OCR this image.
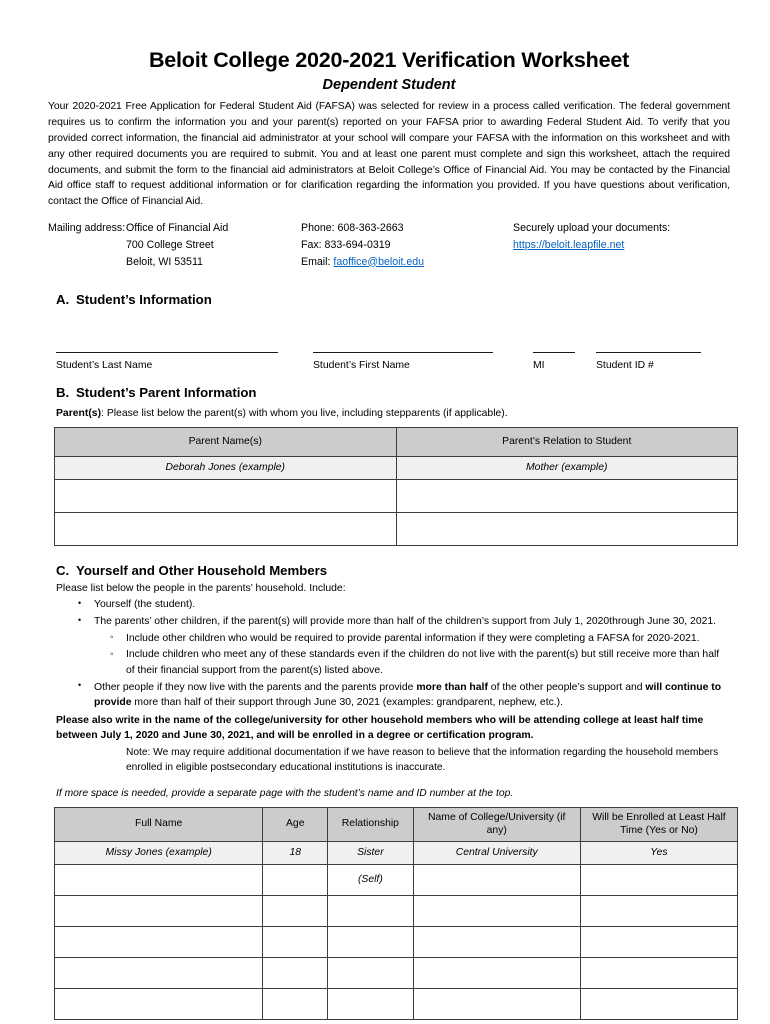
Beloit College 2020-2021 Verification Worksheet
Dependent Student

Your 2020-2021 Free Application for Federal Student Aid (FAFSA) was selected for review in a process called verification. The federal government requires us to confirm the information you and your parent(s) reported on your FAFSA prior to awarding Federal Student Aid. To verify that you provided correct information, the financial aid administrator at your school will compare your FAFSA with the information on this worksheet and with any other required documents you are required to submit. You and at least one parent must complete and sign this worksheet, attach the required documents, and submit the form to the financial aid administrators at Beloit College’s Office of Financial Aid. You may be contacted by the Financial Aid office staff to request additional information or for clarification regarding the information you provided. If you have questions about verification, contact the Office of Financial Aid.

Mailing address: Office of Financial Aid	Phone: 608-363-2663	Securely upload your documents:
700 College Street	Fax: 833-694-0319	https://beloit.leapfile.net
Beloit, WI 53511	Email: faoffice@beloit.edu
A. Student’s Information
Student’s Last Name	Student’s First Name	MI	Student ID #
B. Student’s Parent Information

Parent(s): Please list below the parent(s) with whom you live, including stepparents (if applicable).

Parent Name(s)	Parent’s Relation to Student
Deborah Jones (example)	Mother (example)

C. Yourself and Other Household Members

Please list below the people in the parents’ household. Include:

• Yourself (the student).
• The parents’ other children, if the parent(s) will provide more than half of the children’s support from July 1, 2020through June 30, 2021.
◦ Include other children who would be required to provide parental information if they were completing a FAFSA for 2020-2021.
◦ Include children who meet any of these standards even if the children do not live with the parent(s) but still receive more than half of their financial support from the parent(s) listed above.
• Other people if they now live with the parents and the parents provide more than half of the other people’s support and will continue to provide more than half of their support through June 30, 2021 (examples: grandparent, nephew, etc.).

Please also write in the name of the college/university for other household members who will be attending college at least half time between July 1, 2020 and June 30, 2021, and will be enrolled in a degree or certification program.

Note: We may require additional documentation if we have reason to believe that the information regarding the household members enrolled in eligible postsecondary educational institutions is inaccurate.

If more space is needed, provide a separate page with the student’s name and ID number at the top.

Full Name	Age	Relationship	Name of College/University (if any)	Will be Enrolled at Least Half Time (Yes or No)
Missy Jones (example)	18	Sister	Central University	Yes
		(Self)		
